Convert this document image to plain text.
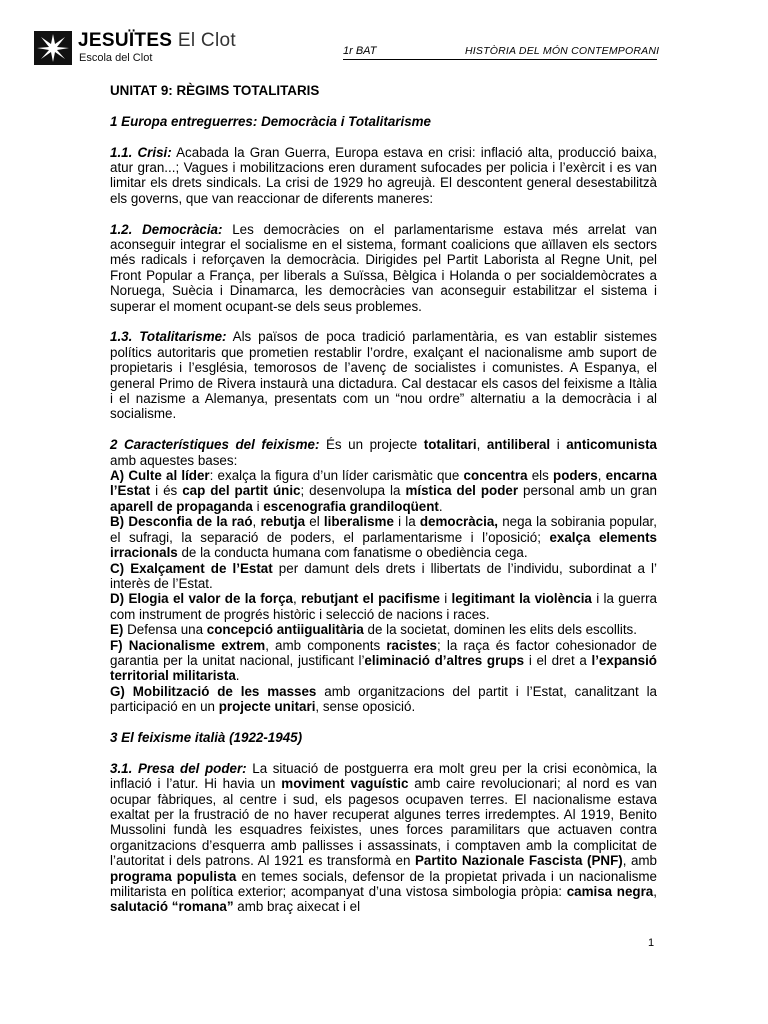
JESUÏTES El Clot
Escola del Clot
1r BAT	HISTÒRIA DEL MÓN CONTEMPORANI

UNITAT 9: RÈGIMS TOTALITARIS

1 Europa entreguerres: Democràcia i Totalitarisme

1.1. Crisi: Acabada la Gran Guerra, Europa estava en crisi: inflació alta, producció baixa, atur gran...; Vagues i mobilitzacions eren durament sufocades per policia i l’exèrcit i es van limitar els drets sindicals. La crisi de 1929 ho agreujà. El descontent general desestabilitzà els governs, que van reaccionar de diferents maneres:

1.2. Democràcia: Les democràcies on el parlamentarisme estava més arrelat van aconseguir integrar el socialisme en el sistema, formant coalicions que aïllaven els sectors més radicals i reforçaven la democràcia. Dirigides pel Partit Laborista al Regne Unit, pel Front Popular a França, per liberals a Suïssa, Bèlgica i Holanda o per socialdemòcrates a Noruega, Suècia i Dinamarca, les democràcies van aconseguir estabilitzar el sistema i superar el moment ocupant-se dels seus problemes.

1.3. Totalitarisme: Als països de poca tradició parlamentària, es van establir sistemes polítics autoritaris que prometien restablir l’ordre, exalçant el nacionalisme amb suport de propietaris i l’església, temorosos de l’avenç de socialistes i comunistes. A Espanya, el general Primo de Rivera instaurà una dictadura. Cal destacar els casos del feixisme a Itàlia i el nazisme a Alemanya, presentats com un “nou ordre” alternatiu a la democràcia i al socialisme.

2 Característiques del feixisme: És un projecte totalitari, antiliberal i anticomunista amb aquestes bases:

A) Culte al líder: exalça la figura d’un líder carismàtic que concentra els poders, encarna l’Estat i és cap del partit únic; desenvolupa la mística del poder personal amb un gran aparell de propaganda i escenografia grandiloqüent.

B) Desconfia de la raó, rebutja el liberalisme i la democràcia, nega la sobirania popular, el sufragi, la separació de poders, el parlamentarisme i l’oposició; exalça elements irracionals de la conducta humana com fanatisme o obediència cega.

C) Exalçament de l’Estat per damunt dels drets i llibertats de l’individu, subordinat a l’ interès de l’Estat.

D) Elogia el valor de la força, rebutjant el pacifisme i legitimant la violència i la guerra com instrument de progrés històric i selecció de nacions i races.

E) Defensa una concepció antiigualitària de la societat, dominen les elits dels escollits.

F) Nacionalisme extrem, amb components racistes; la raça és factor cohesionador de garantia per la unitat nacional, justificant l’eliminació d’altres grups i el dret a l’expansió territorial militarista.

G) Mobilització de les masses amb organitzacions del partit i l’Estat, canalitzant la participació en un projecte unitari, sense oposició.

3 El feixisme italià (1922-1945)

3.1. Presa del poder: La situació de postguerra era molt greu per la crisi econòmica, la inflació i l’atur. Hi havia un moviment vaguístic amb caire revolucionari; al nord es van ocupar fàbriques, al centre i sud, els pagesos ocupaven terres. El nacionalisme estava exaltat per la frustració de no haver recuperat algunes terres irredemptes. Al 1919, Benito Mussolini fundà les esquadres feixistes, unes forces paramilitars que actuaven contra organitzacions d’esquerra amb pallisses i assassinats, i comptaven amb la complicitat de l’autoritat i dels patrons. Al 1921 es transformà en Partito Nazionale Fascista (PNF), amb programa populista en temes socials, defensor de la propietat privada i un nacionalisme militarista en política exterior; acompanyat d’una vistosa simbologia pròpia: camisa negra, salutació “romana” amb braç aixecat i el

1
